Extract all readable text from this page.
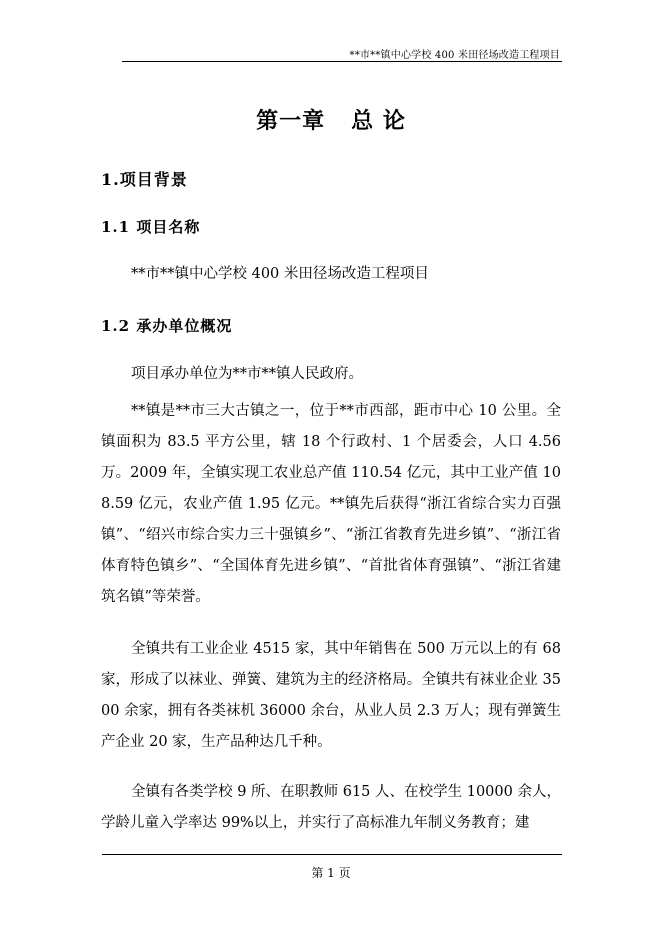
**市**镇中心学校 400 米田径场改造工程项目
第一章 总 论
1.项目背景
1.1 项目名称
**市**镇中心学校 400 米田径场改造工程项目
1.2 承办单位概况

项目承办单位为**市**镇人民政府。

**镇是**市三大古镇之一，位于**市西部，距市中心 10 公里。全镇面积为 83.5 平方公里，辖 18 个行政村、1 个居委会，人口 4.56 万。2009 年，全镇实现工农业总产值 110.54 亿元，其中工业产值 108.59 亿元，农业产值 1.95 亿元。**镇先后获得“浙江省综合实力百强镇”、“绍兴市综合实力三十强镇乡”、“浙江省教育先进乡镇”、“浙江省体育特色镇乡”、“全国体育先进乡镇”、“首批省体育强镇”、“浙江省建筑名镇”等荣誉。

全镇共有工业企业 4515 家，其中年销售在 500 万元以上的有 68 家，形成了以袜业、弹簧、建筑为主的经济格局。全镇共有袜业企业 3500 余家，拥有各类袜机 36000 余台，从业人员 2.3 万人；现有弹簧生产企业 20 家，生产品种达几千种。

全镇有各类学校 9 所、在职教师 615 人、在校学生 10000 余人，学龄儿童入学率达 99%以上，并实行了高标准九年制义务教育；建

第 1 页
